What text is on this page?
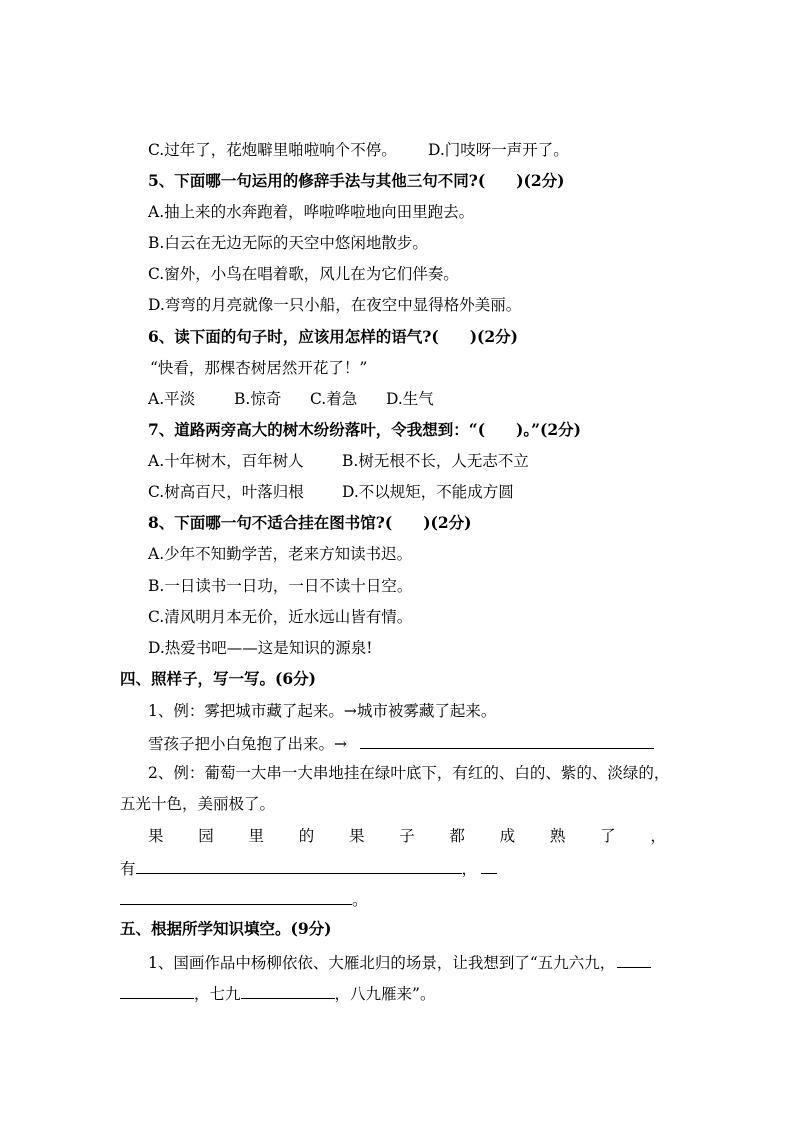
C.过年了，花炮噼里啪啦响个不停。 D.门吱呀一声开了。
5、下面哪一句运用的修辞手法与其他三句不同?(　　)(2分)
A.抽上来的水奔跑着，哗啦哗啦地向田里跑去。
B.白云在无边无际的天空中悠闲地散步。
C.窗外，小鸟在唱着歌，风儿在为它们伴奏。
D.弯弯的月亮就像一只小船，在夜空中显得格外美丽。
6、读下面的句子时，应该用怎样的语气?(　　)(2分)
“快看，那棵杏树居然开花了！”
A.平淡	B.惊奇 C.着急 D.生气
7、道路两旁高大的树木纷纷落叶，令我想到：“(　　)。”(2分)
A.十年树木，百年树人 B.树无根不长，人无志不立
C.树高百尺，叶落归根 D.不以规矩，不能成方圆
8、下面哪一句不适合挂在图书馆?(　　)(2分)
A.少年不知勤学苦，老来方知读书迟。
B.一日读书一日功，一日不读十日空。
C.清风明月本无价，近水远山皆有情。
D.热爱书吧——这是知识的源泉!
四、照样子，写一写。(6分)
1、例：雾把城市藏了起来。→城市被雾藏了起来。
雪孩子把小白兔抱了出来。→
2、例：葡萄一大串一大串地挂在绿叶底下，有红的、白的、紫的、淡绿的，
五光十色，美丽极了。
果 园 里 的 果 子 都 成 熟 了 ，
有	，
。
五、根据所学知识填空。(9分)
1、国画作品中杨柳依依、大雁北归的场景，让我想到了“五九六九，
，七九	，八九雁来”。
